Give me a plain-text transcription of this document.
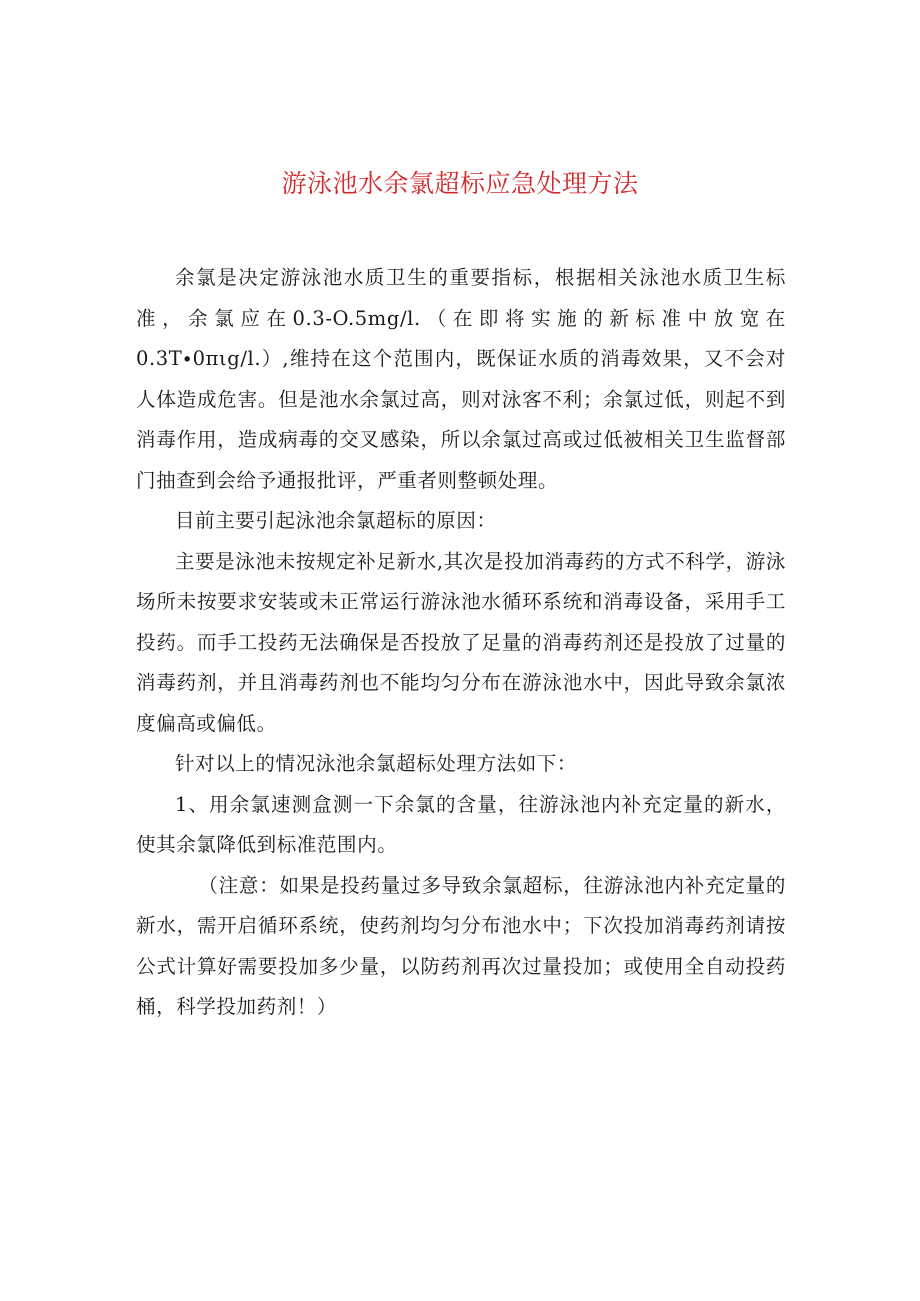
游泳池水余氯超标应急处理方法

余氯是决定游泳池水质卫生的重要指标，根据相关泳池水质卫生标准，余氯应在0.3-O.5mg∕l.（在即将实施的新标准中放宽在0.3T∙0πιg∕l.）,维持在这个范围内，既保证水质的消毒效果，又不会对人体造成危害。但是池水余氯过高，则对泳客不利；余氯过低，则起不到消毒作用，造成病毒的交叉感染，所以余氯过高或过低被相关卫生监督部门抽查到会给予通报批评，严重者则整顿处理。

目前主要引起泳池余氯超标的原因：

主要是泳池未按规定补足新水,其次是投加消毒药的方式不科学，游泳场所未按要求安装或未正常运行游泳池水循环系统和消毒设备，采用手工投药。而手工投药无法确保是否投放了足量的消毒药剂还是投放了过量的消毒药剂，并且消毒药剂也不能均匀分布在游泳池水中，因此导致余氯浓度偏高或偏低。

针对以上的情况泳池余氯超标处理方法如下：

1、用余氯速测盒测一下余氯的含量，往游泳池内补充定量的新水，使其余氯降低到标准范围内。

（注意：如果是投药量过多导致余氯超标，往游泳池内补充定量的新水，需开启循环系统，使药剂均匀分布池水中；下次投加消毒药剂请按公式计算好需要投加多少量，以防药剂再次过量投加；或使用全自动投药桶，科学投加药剂！）
